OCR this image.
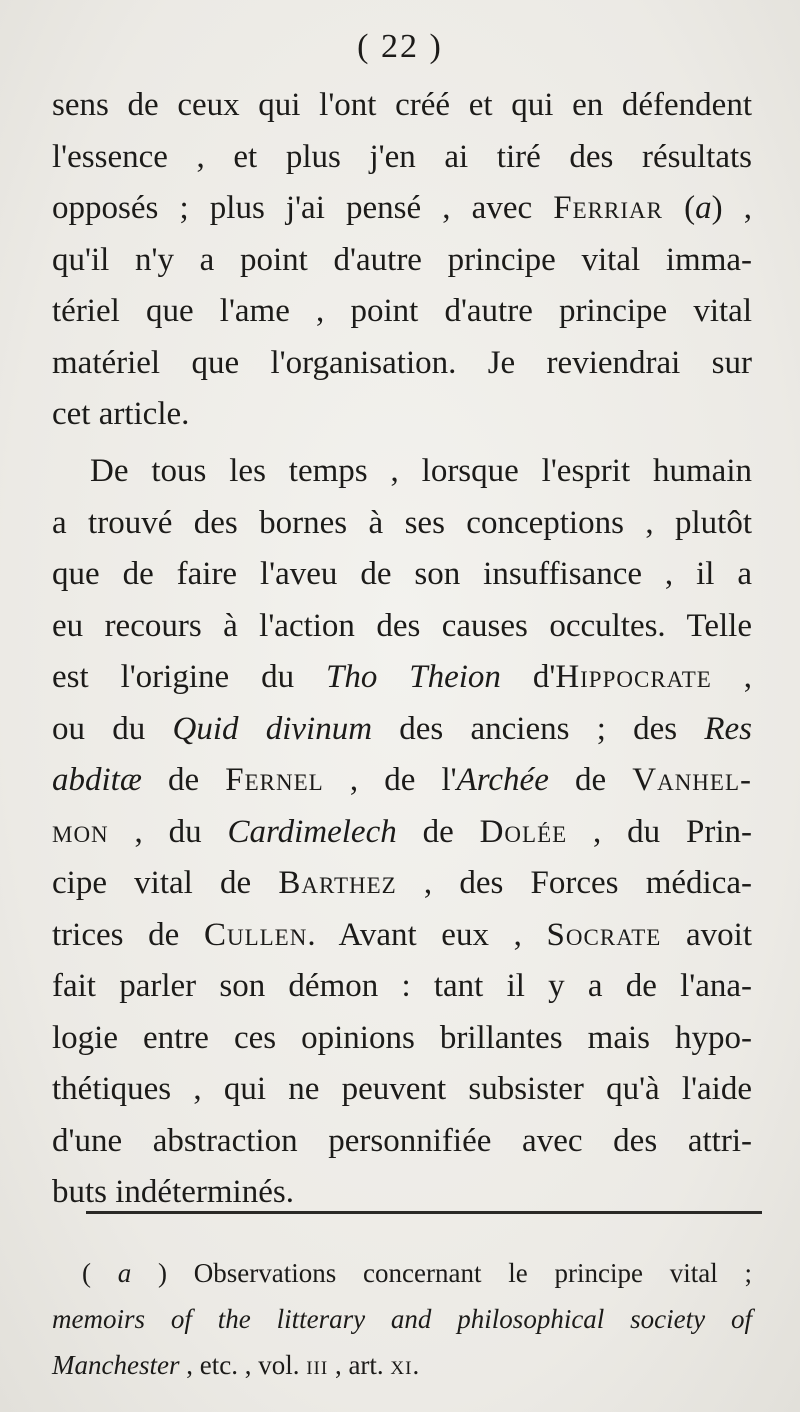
( 22 )
sens de ceux qui l'ont créé et qui en défendent
l'essence , et plus j'en ai tiré des résultats
opposés ; plus j'ai pensé , avec Ferriar (a) ,
qu'il n'y a point d'autre principe vital imma-
tériel que l'ame , point d'autre principe vital
matériel que l'organisation. Je reviendrai sur
cet article.
De tous les temps , lorsque l'esprit humain
a trouvé des bornes à ses conceptions , plutôt
que de faire l'aveu de son insuffisance , il a
eu recours à l'action des causes occultes. Telle
est l'origine du Tho Theion d'Hippocrate ,
ou du Quid divinum des anciens ; des Res
abditæ de Fernel , de l'Archée de Vanhel-
mon , du Cardimelech de Dolée , du Prin-
cipe vital de Barthez , des Forces médica-
trices de Cullen. Avant eux , Socrate avoit
fait parler son démon : tant il y a de l'ana-
logie entre ces opinions brillantes mais hypo-
thétiques , qui ne peuvent subsister qu'à l'aide
d'une abstraction personnifiée avec des attri-
buts indéterminés.
( a ) Observations concernant le principe vital ;
memoirs of the litterary and philosophical society of
Manchester , etc. , vol. iii , art. xi.
